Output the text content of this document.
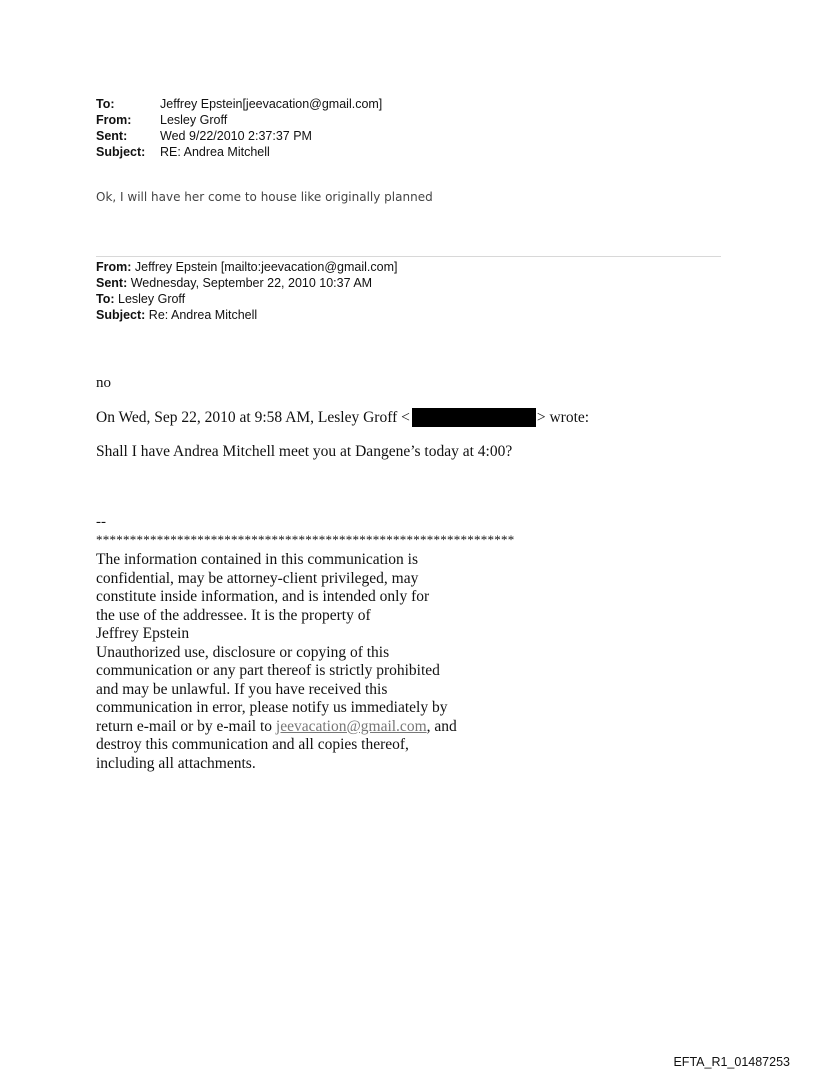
To:	Jeffrey Epstein[jeevacation@gmail.com]
From:	Lesley Groff
Sent:	Wed 9/22/2010 2:37:37 PM
Subject:	RE: Andrea Mitchell
Ok, I will have her come to house like originally planned
From: Jeffrey Epstein [mailto:jeevacation@gmail.com]
Sent: Wednesday, September 22, 2010 10:37 AM
To: Lesley Groff
Subject: Re: Andrea Mitchell
no
On Wed, Sep 22, 2010 at 9:58 AM, Lesley Groff <	> wrote:
Shall I have Andrea Mitchell meet you at Dangene’s today at 4:00?
--
**************************************************************
The information contained in this communication is
confidential, may be attorney-client privileged, may
constitute inside information, and is intended only for
the use of the addressee. It is the property of
Jeffrey Epstein
Unauthorized use, disclosure or copying of this
communication or any part thereof is strictly prohibited
and may be unlawful. If you have received this
communication in error, please notify us immediately by
return e-mail or by e-mail to jeevacation@gmail.com, and
destroy this communication and all copies thereof,
including all attachments.
EFTA_R1_01487253
